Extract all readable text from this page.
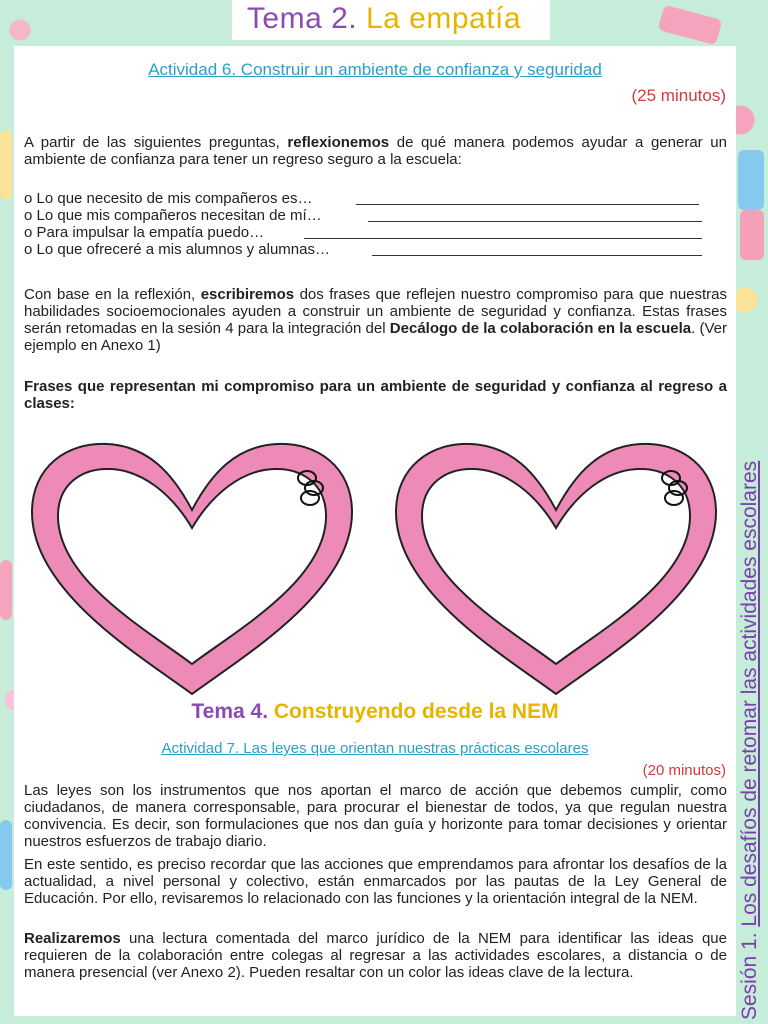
Tema 2. La empatía
Actividad 6. Construir un ambiente de confianza y seguridad
(25 minutos)
A partir de las siguientes preguntas, reflexionemos de qué manera podemos ayudar a generar un ambiente de confianza para tener un regreso seguro a la escuela:
o Lo que necesito de mis compañeros es…
o Lo que mis compañeros necesitan de mí…
o Para impulsar la empatía puedo…
o Lo que ofreceré a mis alumnos y alumnas…
Con base en la reflexión, escribiremos dos frases que reflejen nuestro compromiso para que nuestras habilidades socioemocionales ayuden a construir un ambiente de seguridad y confianza. Estas frases serán retomadas en la sesión 4 para la integración del Decálogo de la colaboración en la escuela. (Ver ejemplo en Anexo 1)
Frases que representan mi compromiso para un ambiente de seguridad y confianza al regreso a clases:
Tema 4. Construyendo desde la NEM
Actividad 7. Las leyes que orientan nuestras prácticas escolares
(20 minutos)
Las leyes son los instrumentos que nos aportan el marco de acción que debemos cumplir, como ciudadanos, de manera corresponsable, para procurar el bienestar de todos, ya que regulan nuestra convivencia. Es decir, son formulaciones que nos dan guía y horizonte para tomar decisiones y orientar nuestros esfuerzos de trabajo diario.
En este sentido, es preciso recordar que las acciones que emprendamos para afrontar los desafíos de la actualidad, a nivel personal y colectivo, están enmarcados por las pautas de la Ley General de Educación. Por ello, revisaremos lo relacionado con las funciones y la orientación integral de la NEM.
Realizaremos una lectura comentada del marco jurídico de la NEM para identificar las ideas que requieren de la colaboración entre colegas al regresar a las actividades escolares, a distancia o de manera presencial (ver Anexo 2). Pueden resaltar con un color las ideas clave de la lectura.	Sesión 1. Los desafíos de retomar las actividades escolares
